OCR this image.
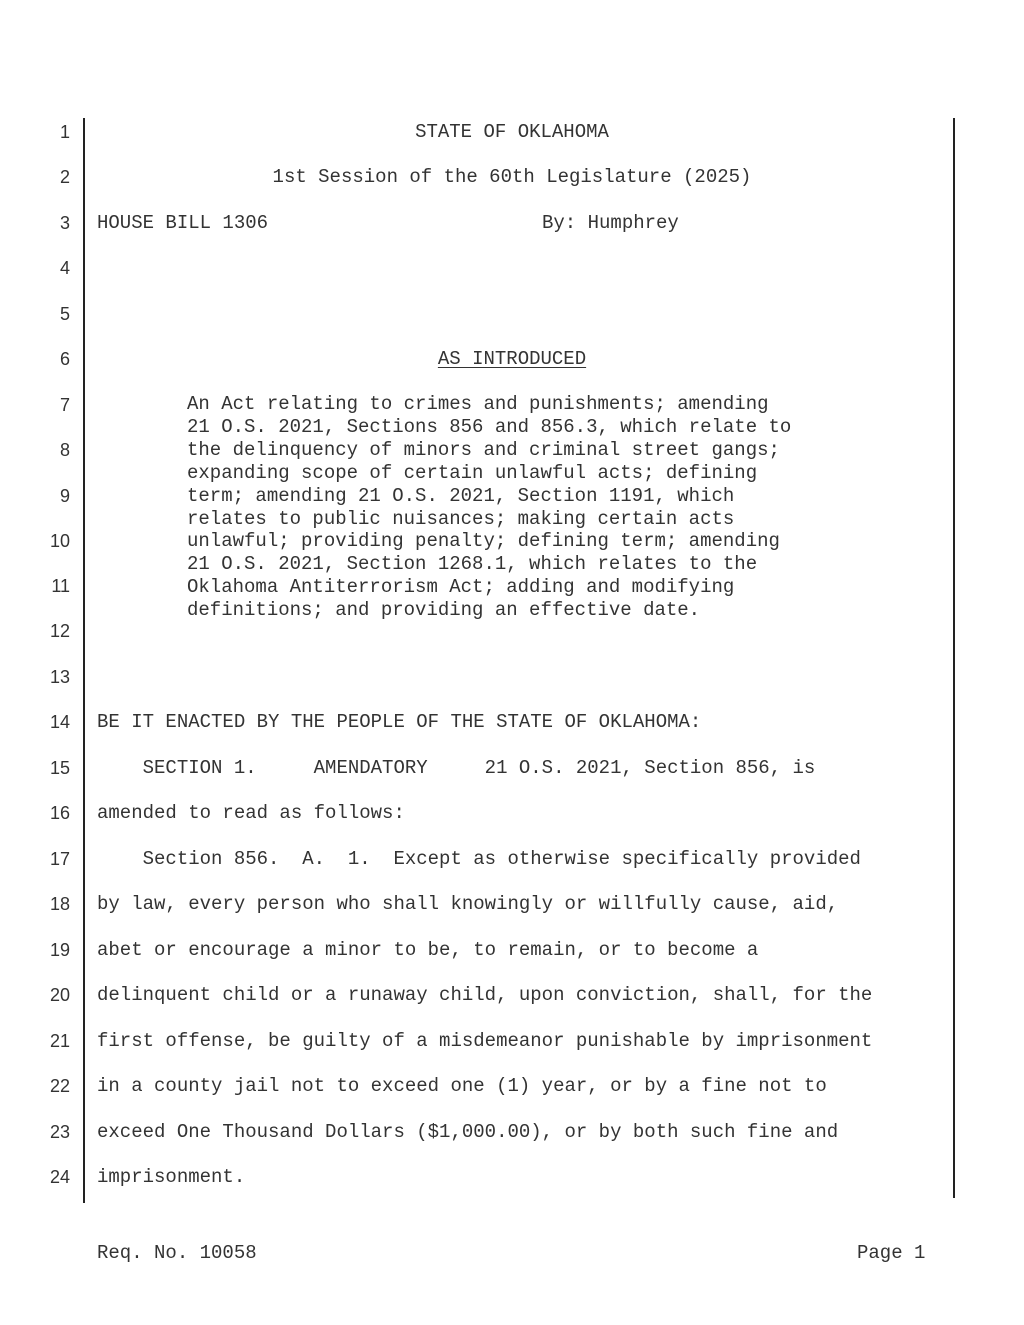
1
2
3
4
5
6
7
8
9
10
11
12
13
14
15
16
17
18
19
20
21
22
23
24
STATE OF OKLAHOMA
1st Session of the 60th Legislature (2025)
HOUSE BILL 1306	By: Humphrey
AS INTRODUCED
An Act relating to crimes and punishments; amending
21 O.S. 2021, Sections 856 and 856.3, which relate to
the delinquency of minors and criminal street gangs;
expanding scope of certain unlawful acts; defining
term; amending 21 O.S. 2021, Section 1191, which
relates to public nuisances; making certain acts
unlawful; providing penalty; defining term; amending
21 O.S. 2021, Section 1268.1, which relates to the
Oklahoma Antiterrorism Act; adding and modifying
definitions; and providing an effective date.
BE IT ENACTED BY THE PEOPLE OF THE STATE OF OKLAHOMA:
SECTION 1.     AMENDATORY     21 O.S. 2021, Section 856, is
amended to read as follows:
Section 856.  A.  1.  Except as otherwise specifically provided
by law, every person who shall knowingly or willfully cause, aid,
abet or encourage a minor to be, to remain, or to become a
delinquent child or a runaway child, upon conviction, shall, for the
first offense, be guilty of a misdemeanor punishable by imprisonment
in a county jail not to exceed one (1) year, or by a fine not to
exceed One Thousand Dollars ($1,000.00), or by both such fine and
imprisonment.
Req. No. 10058	Page 1
